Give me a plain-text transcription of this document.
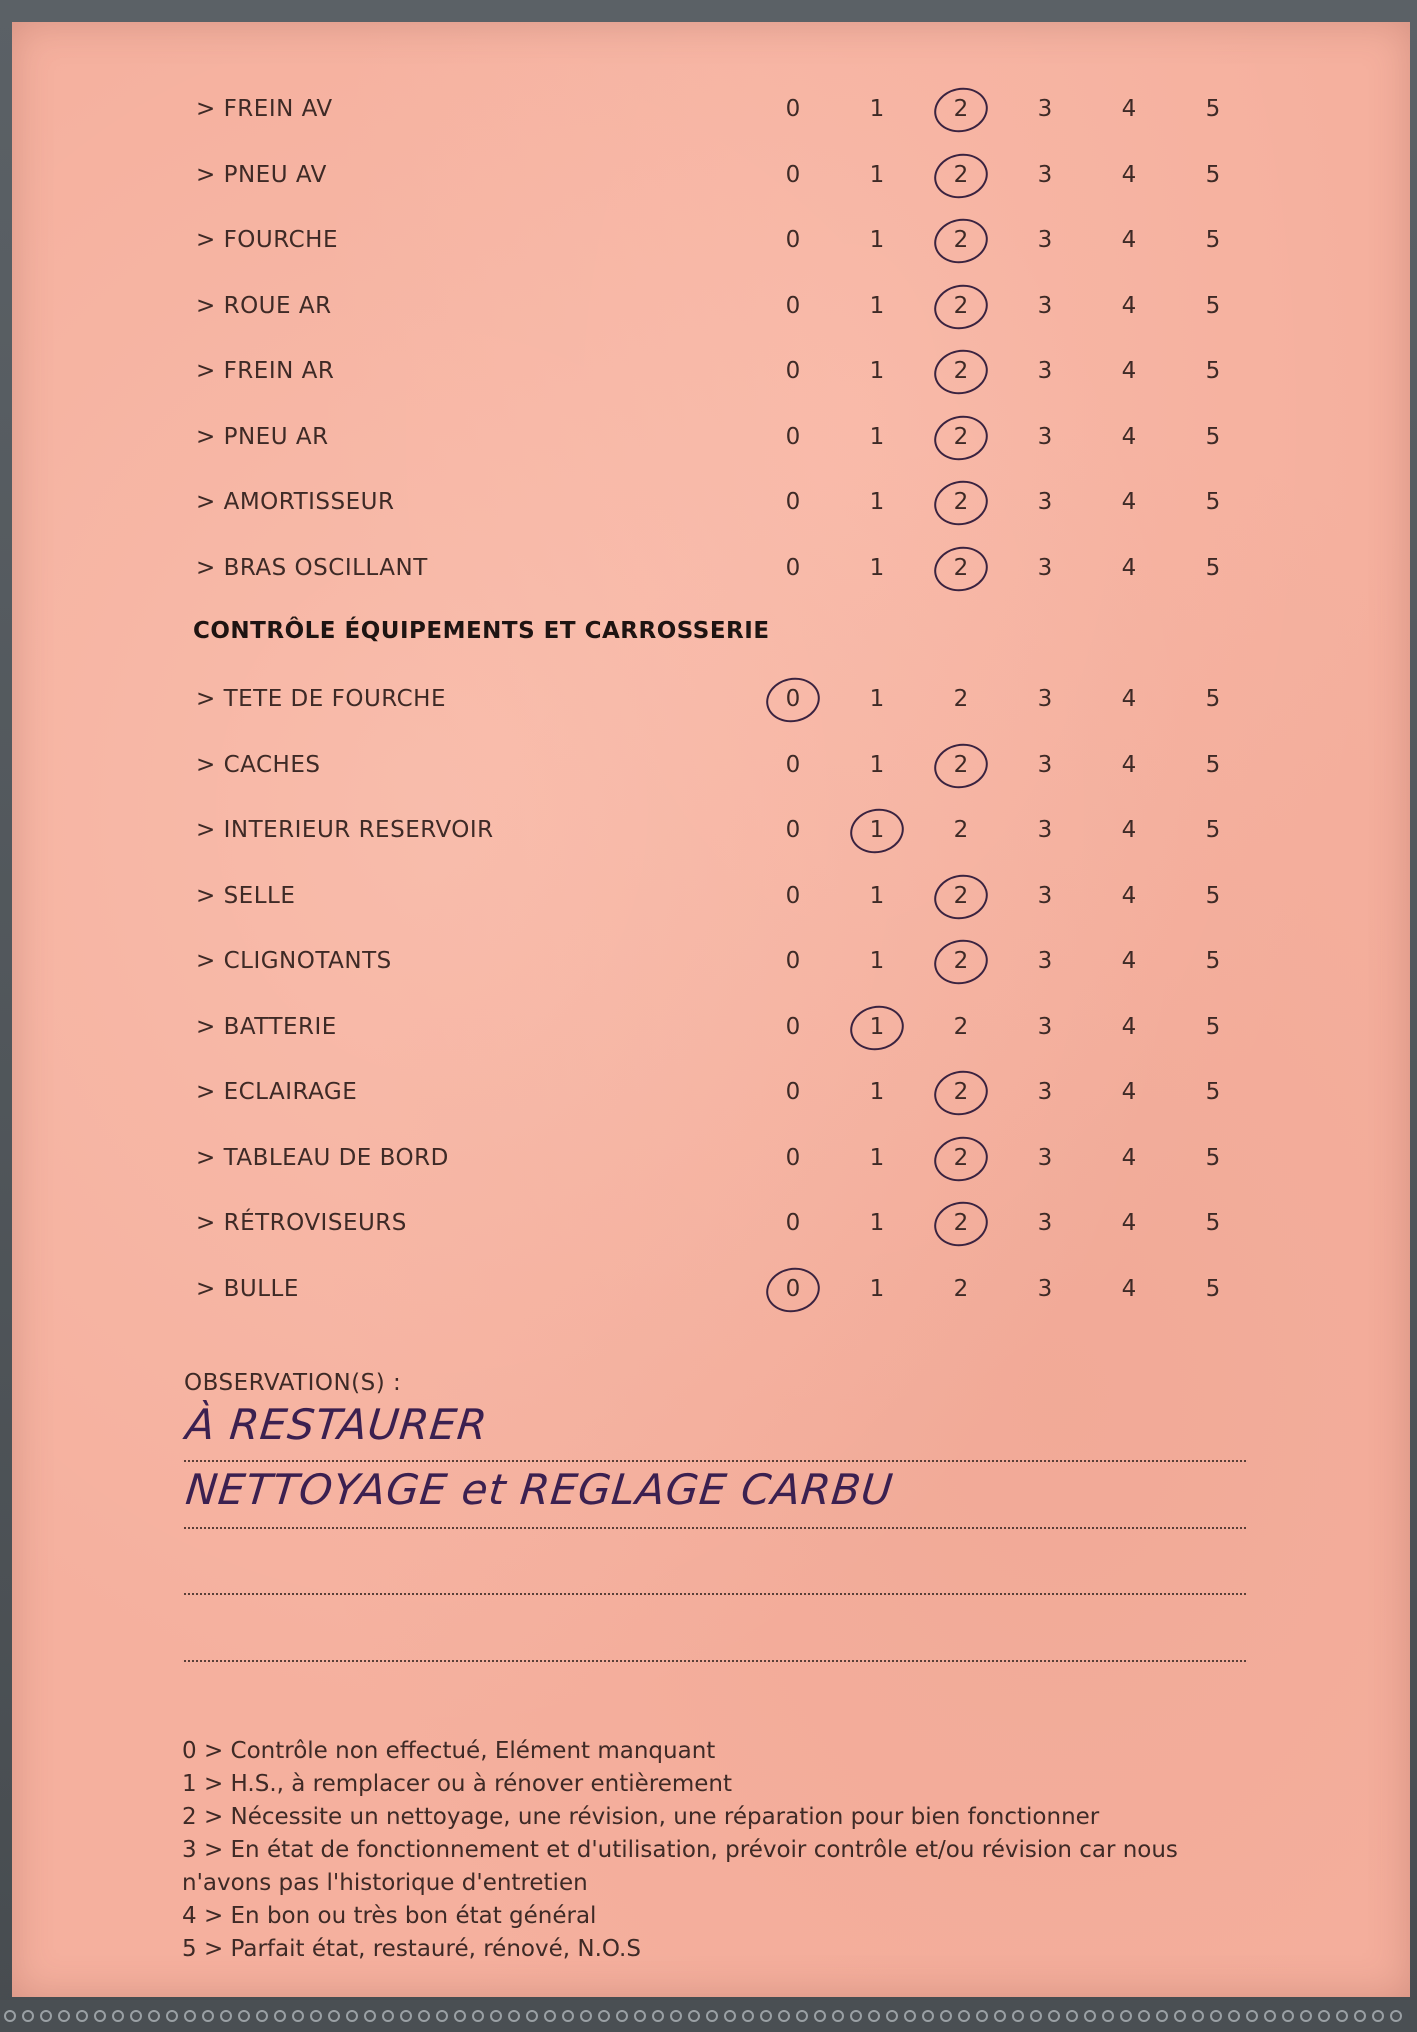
> FREIN AV	0	1	2	3	4	5
> PNEU AV	0	1	2	3	4	5
> FOURCHE	0	1	2	3	4	5
> ROUE AR	0	1	2	3	4	5
> FREIN AR	0	1	2	3	4	5
> PNEU AR	0	1	2	3	4	5
> AMORTISSEUR	0	1	2	3	4	5
> BRAS OSCILLANT	0	1	2	3	4	5
> TETE DE FOURCHE	0	1	2	3	4	5
> CACHES	0	1	2	3	4	5
> INTERIEUR RESERVOIR	0	1	2	3	4	5
> SELLE	0	1	2	3	4	5
> CLIGNOTANTS	0	1	2	3	4	5
> BATTERIE	0	1	2	3	4	5
> ECLAIRAGE	0	1	2	3	4	5
> TABLEAU DE BORD	0	1	2	3	4	5
> RÉTROVISEURS	0	1	2	3	4	5
> BULLE	0	1	2	3	4	5
CONTRÔLE ÉQUIPEMENTS ET CARROSSERIE
OBSERVATION(S) :
À RESTAURER
NETTOYAGE et REGLAGE CARBU
0 > Contrôle non effectué, Elément manquant
1 > H.S., à remplacer ou à rénover entièrement
2 > Nécessite un nettoyage, une révision, une réparation pour bien fonctionner
3 > En état de fonctionnement et d'utilisation, prévoir contrôle et/ou révision car nous
n'avons pas l'historique d'entretien
4 > En bon ou très bon état général
5 > Parfait état, restauré, rénové, N.O.S
